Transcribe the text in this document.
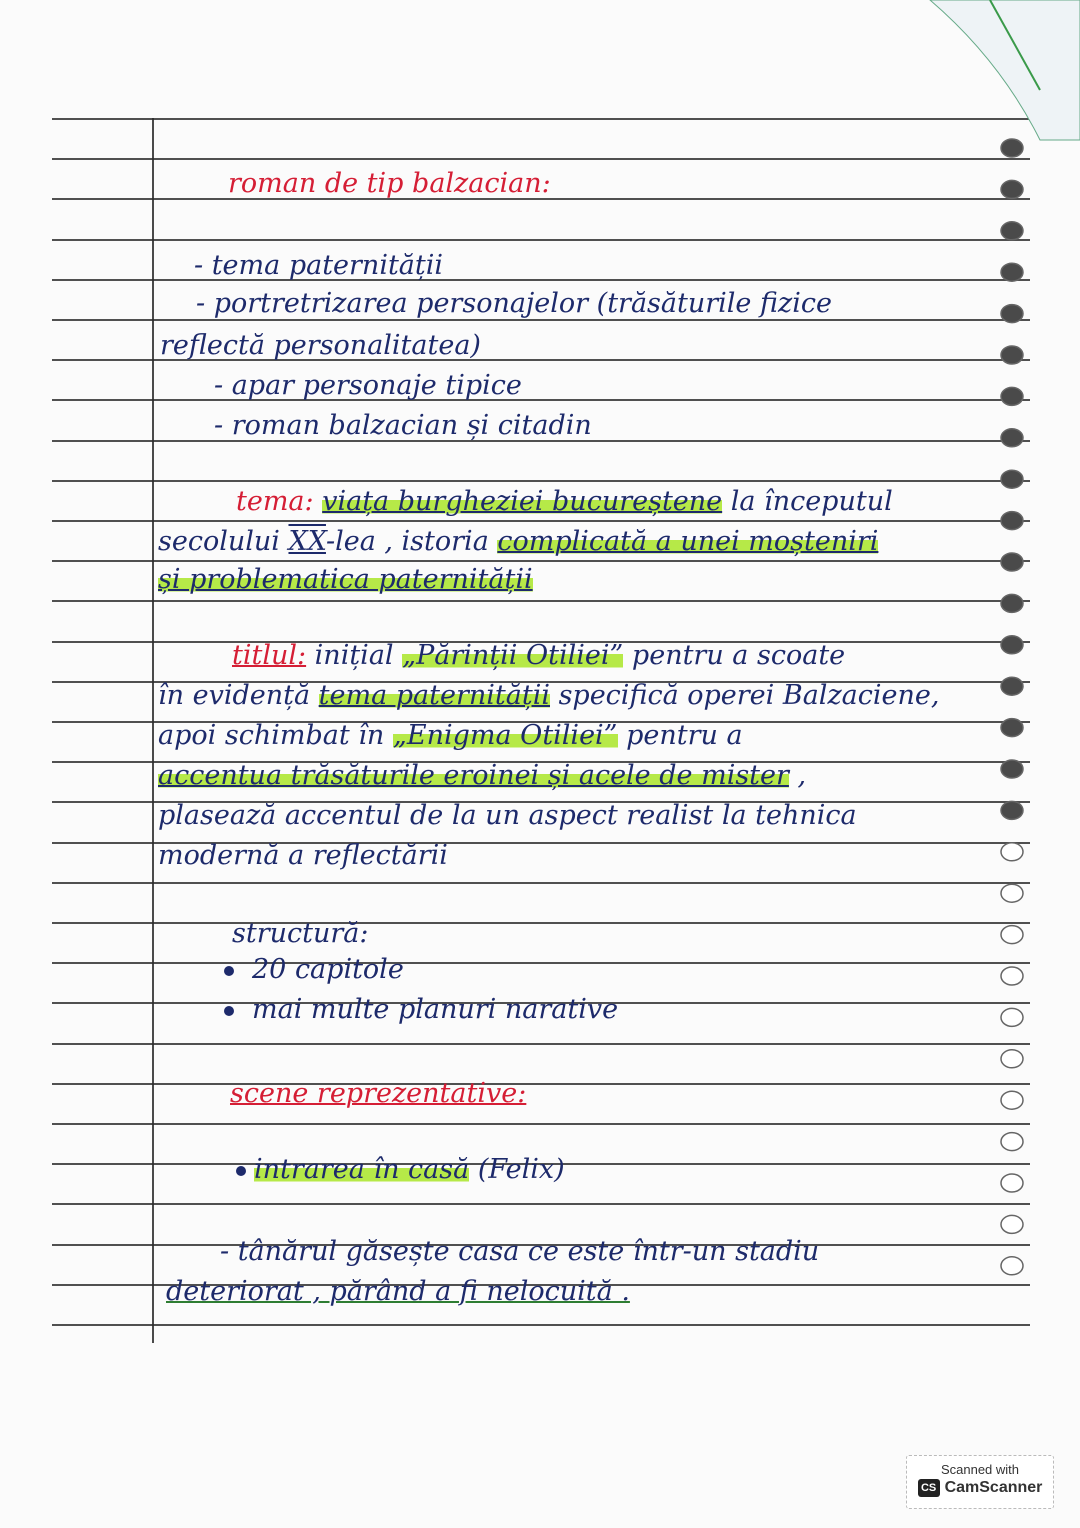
roman de tip balzacian:
- tema paternității
- portretrizarea personajelor (trăsăturile fizice
reflectă personalitatea)
- apar personaje tipice
- roman balzacian și citadin
tema: viața burgheziei bucureștene la începutul
secolului XX-lea , istoria complicată a unei moșteniri
și problematica paternității
titlul: inițial „Părinții Otiliei” pentru a scoate
în evidență tema paternității specifică operei Balzaciene,
apoi schimbat în „Enigma Otiliei” pentru a
accentua trăsăturile eroinei și acele de mister ,
plasează accentul de la un aspect realist la tehnica
modernă a reflectării
structură:
20 capitole
mai multe planuri narative
scene reprezentative:
intrarea în casă (Felix)
- tânărul găsește casa ce este într-un stadiu
deteriorat , părând a fi nelocuită .
Scanned with
CS CamScanner
